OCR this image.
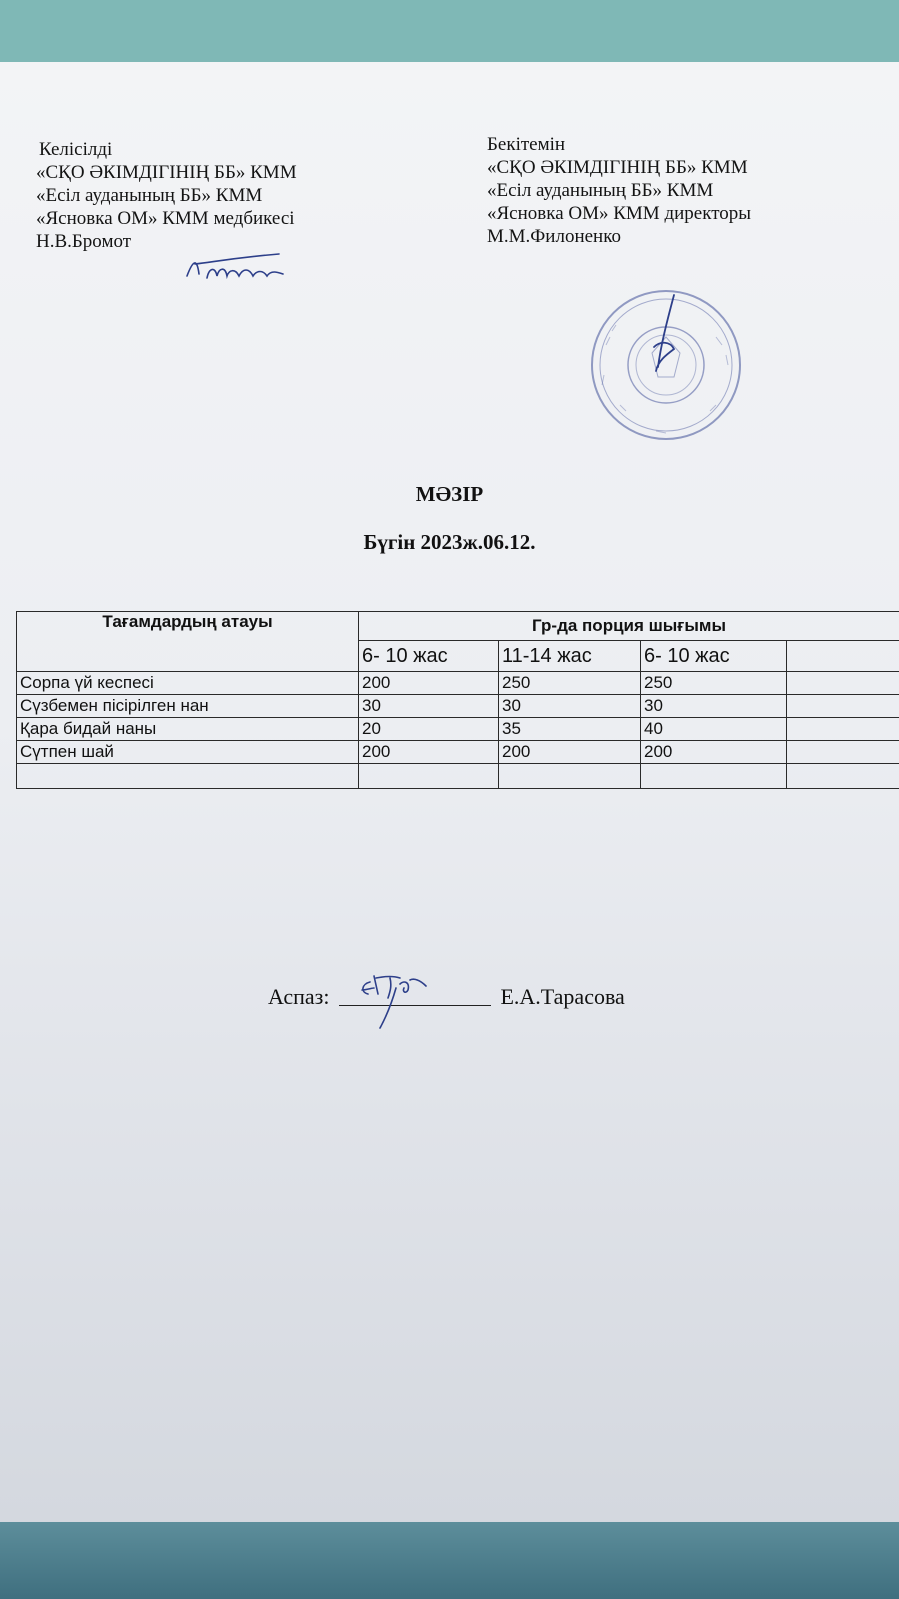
Келісілді
«СҚО ӘКІМДІГІНІҢ ББ» КММ
«Есіл ауданының ББ» КММ
«Ясновка ОМ» КММ медбикесі
Н.В.Бромот
Бекітемін
«СҚО ӘКІМДІГІНІҢ ББ» КММ
«Есіл ауданының ББ» КММ
«Ясновка ОМ» КММ директоры
М.М.Филоненко
МӘЗІР
Бүгін 2023ж.06.12.
Тағамдардың атауы	Гр-да порция шығымы			
	6- 10 жас	11-14 жас	6- 10 жас	
Сорпа үй кеспесі	200	250	250	
Сүзбемен пісірілген нан	30	30	30	
Қара бидай наны	20	35	40	
Сүтпен шай	200	200	200	

Аспаз:	Е.А.Тарасова
